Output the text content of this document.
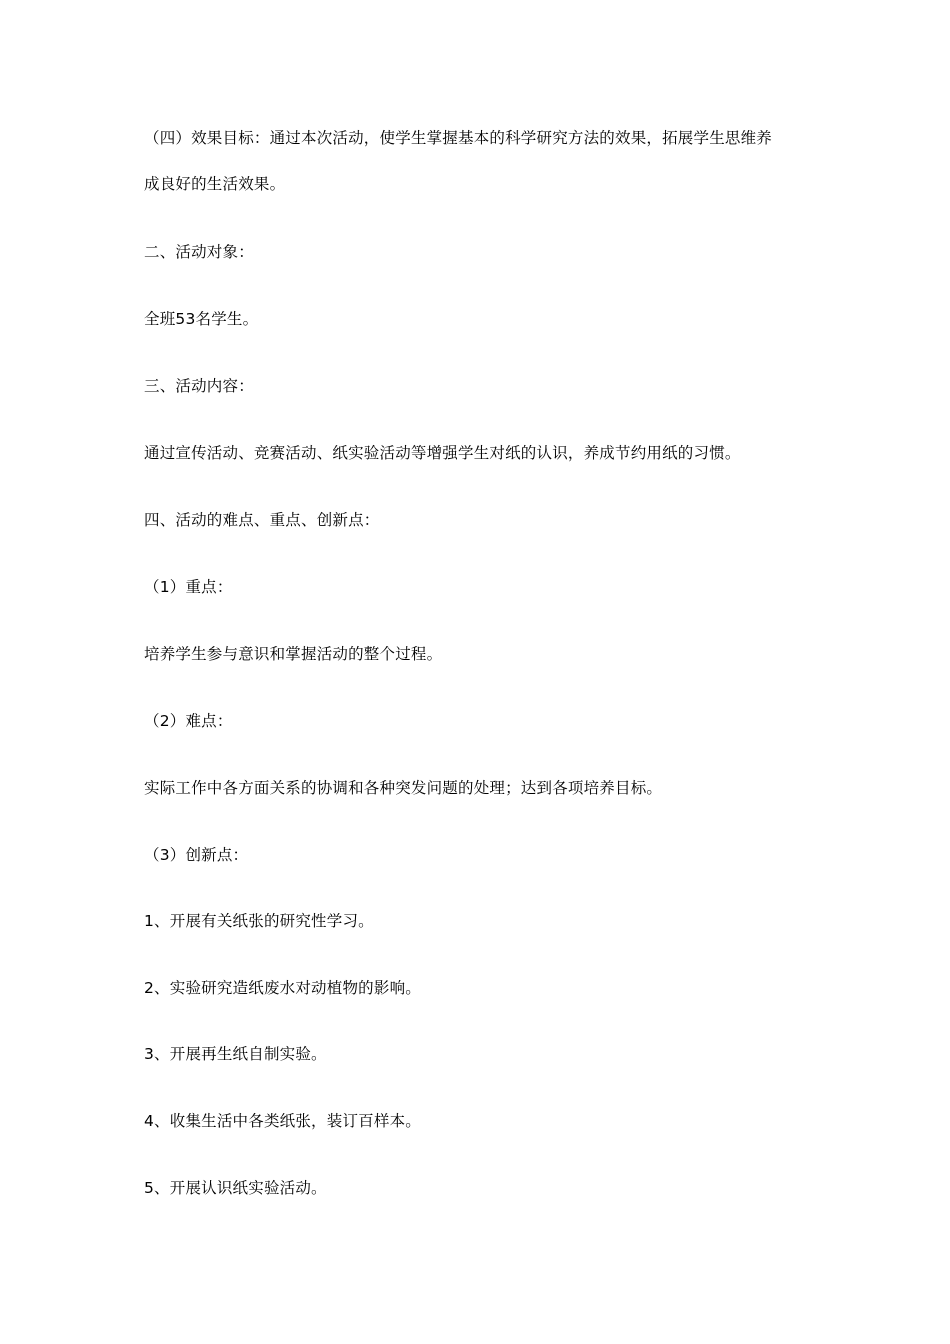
（四）效果目标：通过本次活动，使学生掌握基本的科学研究方法的效果，拓展学生思维养
成良好的生活效果。
二、活动对象：
全班53名学生。
三、活动内容：
通过宣传活动、竞赛活动、纸实验活动等增强学生对纸的认识，养成节约用纸的习惯。
四、活动的难点、重点、创新点：
（1）重点：
培养学生参与意识和掌握活动的整个过程。
（2）难点：
实际工作中各方面关系的协调和各种突发问题的处理；达到各项培养目标。
（3）创新点：
1、开展有关纸张的研究性学习。
2、实验研究造纸废水对动植物的影响。
3、开展再生纸自制实验。
4、收集生活中各类纸张，装订百样本。
5、开展认识纸实验活动。
